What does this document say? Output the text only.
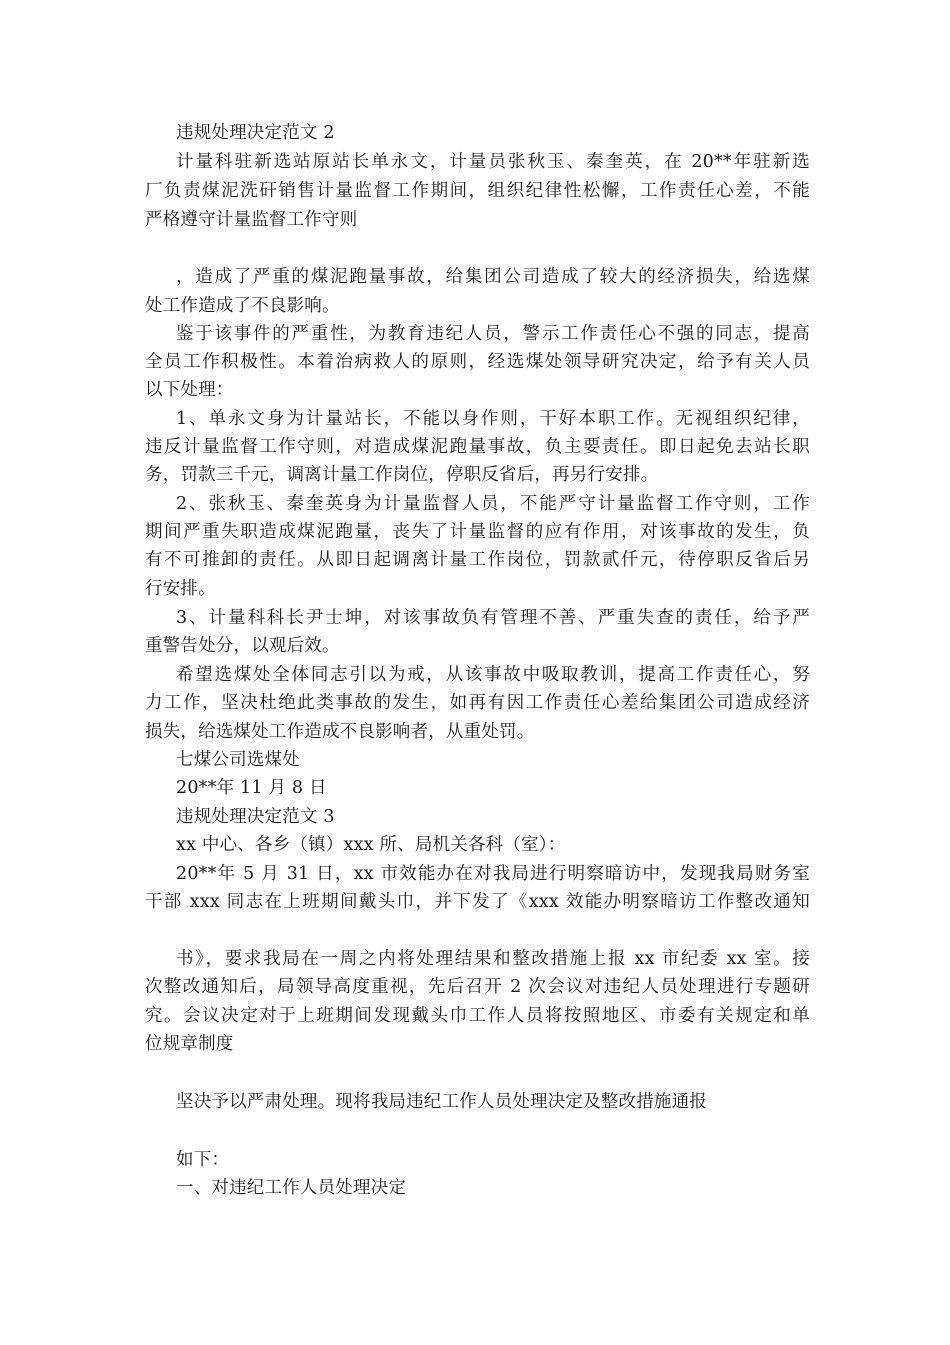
违规处理决定范文 2
计量科驻新选站原站长单永文，计量员张秋玉、秦奎英，在 20**年驻新选
厂负责煤泥洗矸销售计量监督工作期间，组织纪律性松懈，工作责任心差，不能
严格遵守计量监督工作守则
，造成了严重的煤泥跑量事故，给集团公司造成了较大的经济损失，给选煤
处工作造成了不良影响。
鉴于该事件的严重性，为教育违纪人员，警示工作责任心不强的同志，提高
全员工作积极性。本着治病救人的原则，经选煤处领导研究决定，给予有关人员
以下处理：
1、单永文身为计量站长，不能以身作则，干好本职工作。无视组织纪律，
违反计量监督工作守则，对造成煤泥跑量事故，负主要责任。即日起免去站长职
务，罚款三千元，调离计量工作岗位，停职反省后，再另行安排。
2、张秋玉、秦奎英身为计量监督人员，不能严守计量监督工作守则，工作
期间严重失职造成煤泥跑量，丧失了计量监督的应有作用，对该事故的发生，负
有不可推卸的责任。从即日起调离计量工作岗位，罚款贰仟元，待停职反省后另
行安排。
3、计量科科长尹士坤，对该事故负有管理不善、严重失查的责任，给予严
重警告处分，以观后效。
希望选煤处全体同志引以为戒，从该事故中吸取教训，提高工作责任心，努
力工作，坚决杜绝此类事故的发生，如再有因工作责任心差给集团公司造成经济
损失，给选煤处工作造成不良影响者，从重处罚。
七煤公司选煤处
20**年 11 月 8 日
违规处理决定范文 3
xx 中心、各乡（镇）xxx 所、局机关各科（室）：
20**年 5 月 31 日，xx 市效能办在对我局进行明察暗访中，发现我局财务室
干部 xxx 同志在上班期间戴头巾，并下发了《xxx 效能办明察暗访工作整改通知
书》，要求我局在一周之内将处理结果和整改措施上报 xx 市纪委 xx 室。接
次整改通知后，局领导高度重视，先后召开 2 次会议对违纪人员处理进行专题研
究。会议决定对于上班期间发现戴头巾工作人员将按照地区、市委有关规定和单
位规章制度
坚决予以严肃处理。现将我局违纪工作人员处理决定及整改措施通报
如下：
一、对违纪工作人员处理决定
